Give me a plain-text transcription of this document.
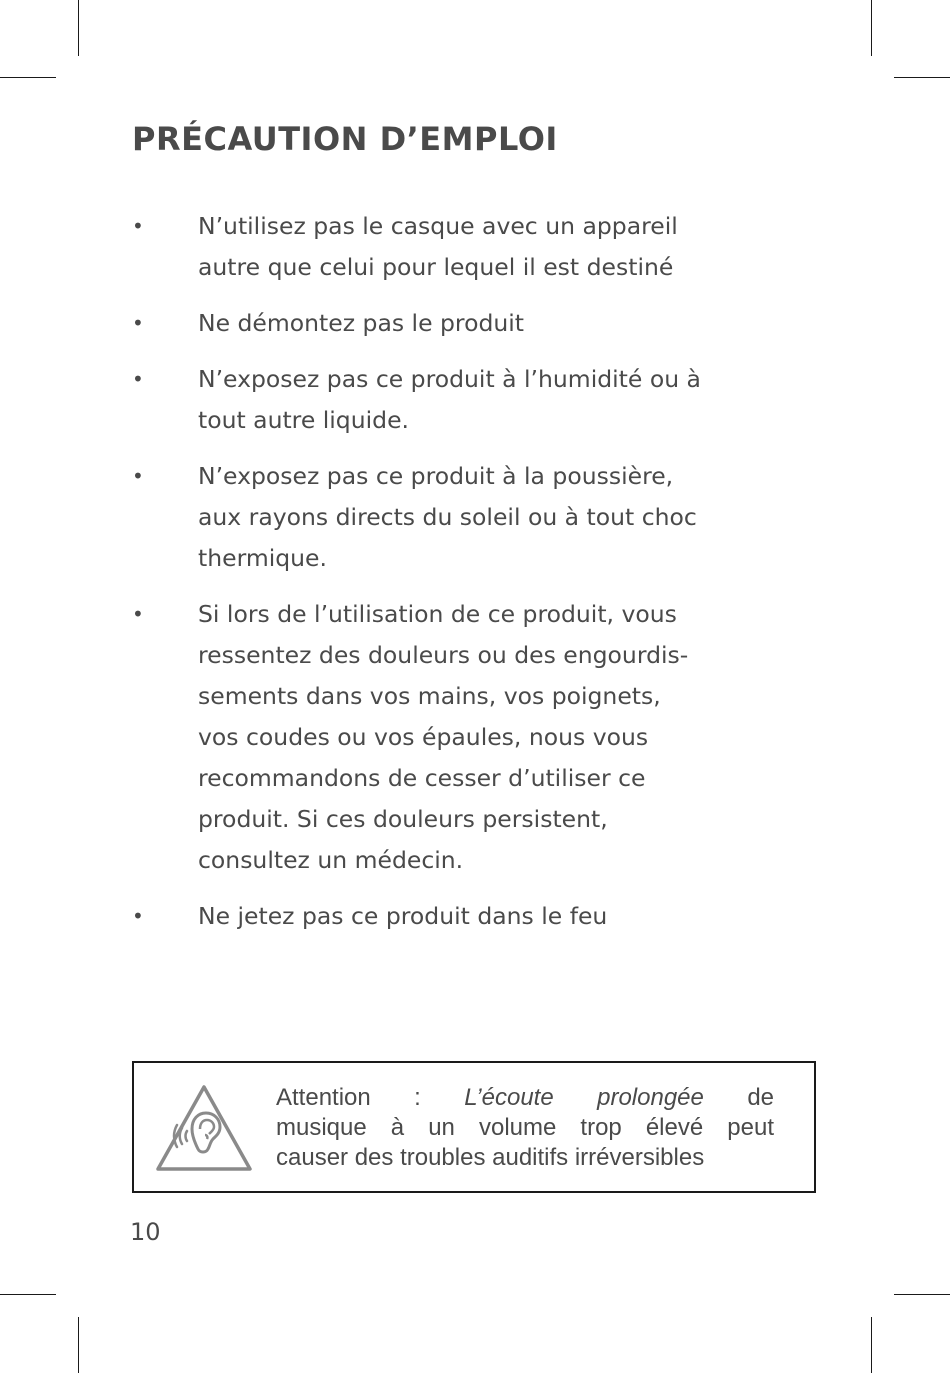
PRÉCAUTION D’EMPLOI
•	N’utilisez pas le casque avec un appareil
autre que celui pour lequel il est destiné
•	Ne démontez pas le produit
•	N’exposez pas ce produit à l’humidité ou à
tout autre liquide.
•	N’exposez pas ce produit à la poussière,
aux rayons directs du soleil ou à tout choc
thermique.
•	Si lors de l’utilisation de ce produit, vous
ressentez des douleurs ou des engourdis-
sements dans vos mains, vos poignets,
vos coudes ou vos épaules, nous vous
recommandons de cesser d’utiliser ce
produit. Si ces douleurs persistent,
consultez un médecin.
•	Ne jetez pas ce produit dans le feu
Attention : L’écoute prolongée de
musique à un volume trop élevé peut
causer des troubles auditifs irréversibles
10
